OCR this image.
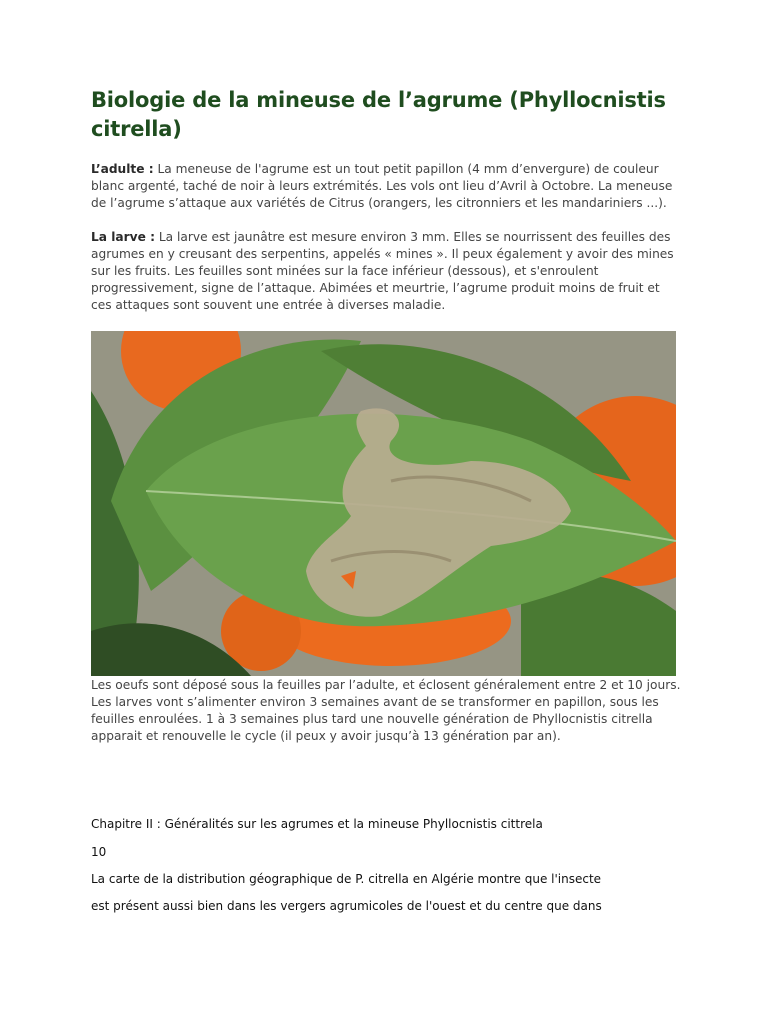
Biologie de la mineuse de l’agrume (Phyllocnistis citrella)

L’adulte : La meneuse de l'agrume est un tout petit papillon (4 mm d’envergure) de couleur blanc argenté, taché de noir à leurs extrémités. Les vols ont lieu d’Avril à Octobre. La meneuse de l’agrume s’attaque aux variétés de Citrus (orangers, les citronniers et les mandariniers ...).

La larve : La larve est jaunâtre est mesure environ 3 mm. Elles se nourrissent des feuilles des agrumes en y creusant des serpentins, appelés « mines ». Il peux également y avoir des mines sur les fruits. Les feuilles sont minées sur la face inférieur (dessous), et s'enroulent progressivement, signe de l’attaque. Abimées et meurtrie, l’agrume produit moins de fruit et ces attaques sont souvent une entrée à diverses maladie.

Les oeufs sont déposé sous la feuilles par l’adulte, et éclosent généralement entre 2 et 10 jours. Les larves vont s’alimenter environ 3 semaines avant de se transformer en papillon, sous les feuilles enroulées. 1 à 3 semaines plus tard une nouvelle génération de Phyllocnistis citrella apparait et renouvelle le cycle (il peux y avoir jusqu’à 13 génération par an).

Chapitre II : Généralités sur les agrumes et la mineuse Phyllocnistis cittrela

10

La carte de la distribution géographique de P. citrella en Algérie montre que l'insecte

est présent aussi bien dans les vergers agrumicoles de l'ouest et du centre que dans
